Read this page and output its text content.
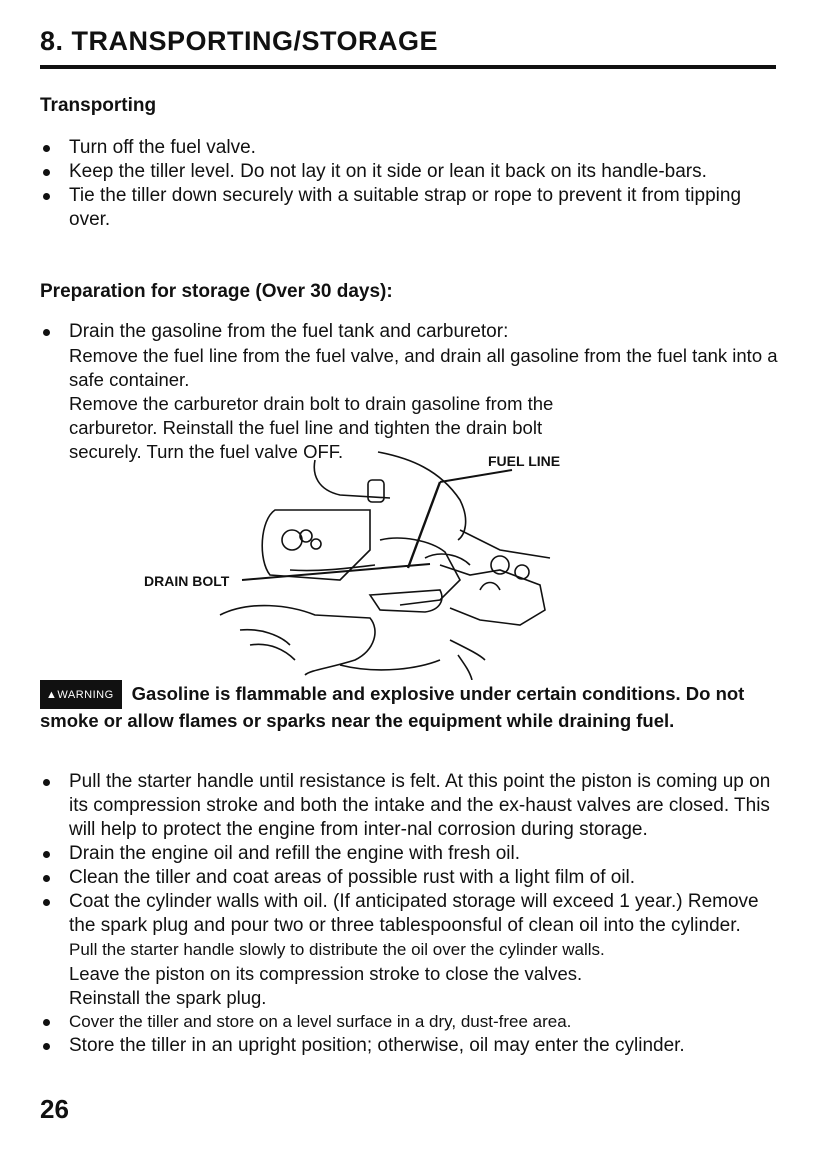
8. TRANSPORTING/STORAGE
Transporting
Turn off the fuel valve.
Keep the tiller level. Do not lay it on it side or lean it back on its handle-bars.
Tie the tiller down securely with a suitable strap or rope to prevent it from tipping over.
Preparation for storage (Over 30 days):
Drain the gasoline from the fuel tank and carburetor:
Remove the fuel line from the fuel valve, and drain all gasoline from the fuel tank into a safe container.
Remove the carburetor drain bolt to drain gasoline from the carburetor. Reinstall the fuel line and tighten the drain bolt securely. Turn the fuel valve OFF.	FUEL LINE
DRAIN BOLT
▲WARNING Gasoline is flammable and explosive under certain conditions. Do not smoke or allow flames or sparks near the equipment while draining fuel.
Pull the starter handle until resistance is felt. At this point the piston is coming up on its compression stroke and both the intake and the ex-haust valves are closed. This will help to protect the engine from inter-nal corrosion during storage.
Drain the engine oil and refill the engine with fresh oil.
Clean the tiller and coat areas of possible rust with a light film of oil.
Coat the cylinder walls with oil. (If anticipated storage will exceed 1 year.) Remove the spark plug and pour two or three tablespoonsful of clean oil into the cylinder.
Pull the starter handle slowly to distribute the oil over the cylinder walls.
Leave the piston on its compression stroke to close the valves.
Reinstall the spark plug.
Cover the tiller and store on a level surface in a dry, dust-free area.
Store the tiller in an upright position; otherwise, oil may enter the cylinder.

26
